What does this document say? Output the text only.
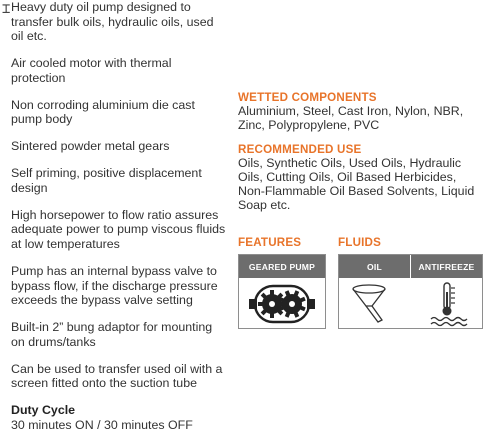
⌶ Heavy duty oil pump designed to transfer bulk oils, hydraulic oils, used oil etc.

Air cooled motor with thermal protection

Non corroding aluminium die cast pump body

Sintered powder metal gears

Self priming, positive displacement design

High horsepower to flow ratio assures adequate power to pump viscous fluids at low temperatures

Pump has an internal bypass valve to bypass flow, if the discharge pressure exceeds the bypass valve setting

Built-in 2” bung adaptor for mounting on drums/tanks

Can be used to transfer used oil with a screen fitted onto the suction tube

Duty Cycle

30 minutes ON / 30 minutes OFF

WETTED COMPONENTS

Aluminium, Steel, Cast Iron, Nylon, NBR, Zinc, Polypropylene, PVC

RECOMMENDED USE

Oils, Synthetic Oils, Used Oils, Hydraulic Oils, Cutting Oils, Oil Based Herbicides, Non-Flammable Oil Based Solvents, Liquid Soap etc.

FEATURES	FLUIDS
GEARED PUMP	OIL	ANTIFREEZE
